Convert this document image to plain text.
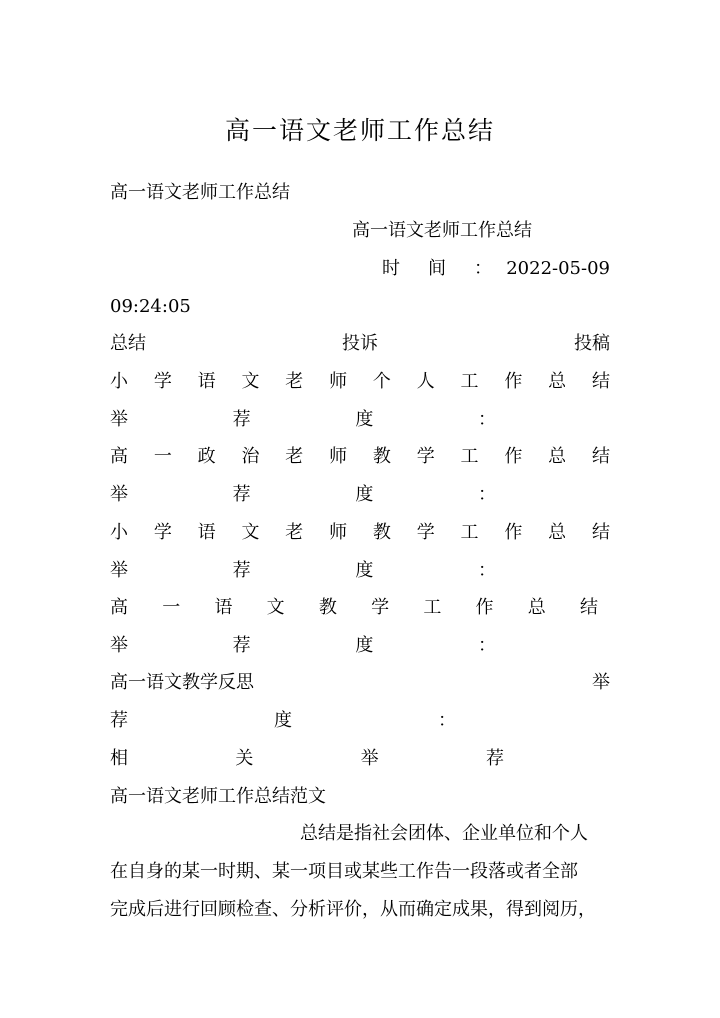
高一语文老师工作总结
高一语文老师工作总结
高一语文老师工作总结
时 间 ： 2022-05-09
09:24:05
总结	投诉	投稿
小 学 语 文 老 师 个 人 工 作 总 结
举	荐	度	：
高 一 政 治 老 师 教 学 工 作 总 结
举	荐	度	：
小 学 语 文 老 师 教 学 工 作 总 结
举	荐	度	：
高 一 语 文 教 学 工 作 总 结
举	荐	度	：
高一语文教学反思	举
荐	度	：
相	关	举	荐
高一语文老师工作总结范文
总结是指社会团体、企业单位和个人
在自身的某一时期、某一项目或某些工作告一段落或者全部
完成后进行回顾检查、分析评价，从而确定成果，得到阅历，
